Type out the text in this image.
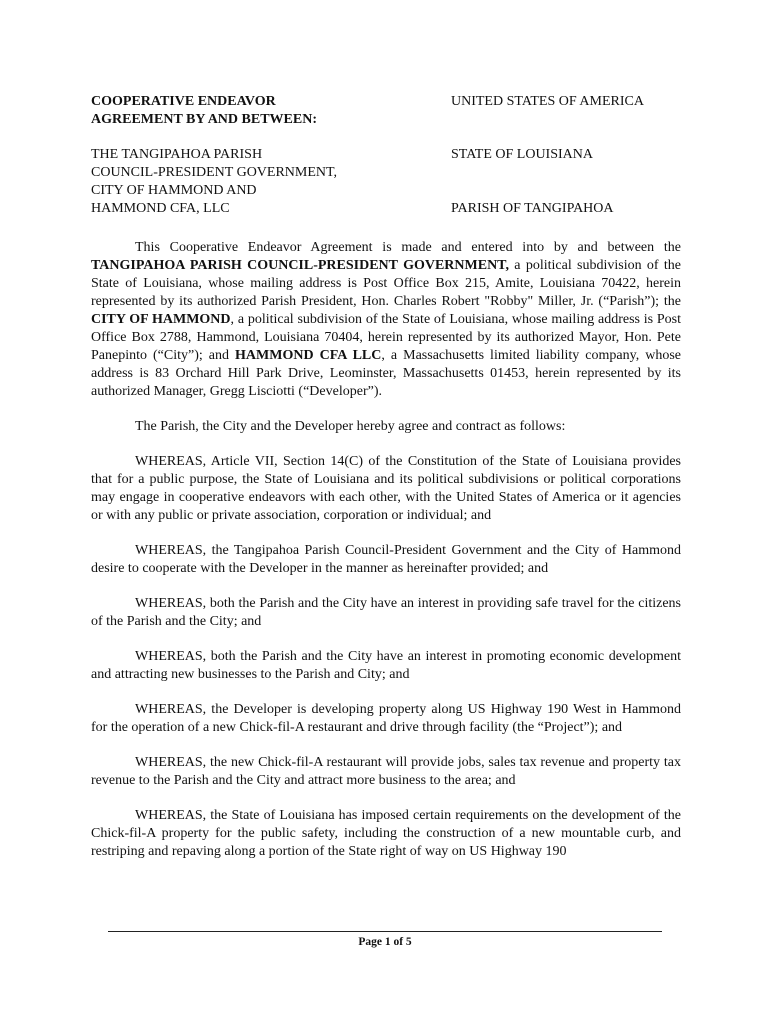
COOPERATIVE ENDEAVOR
AGREEMENT BY AND BETWEEN:
THE TANGIPAHOA PARISH
COUNCIL-PRESIDENT GOVERNMENT,
CITY OF HAMMOND AND
HAMMOND CFA, LLC
UNITED STATES OF AMERICA
STATE OF LOUISIANA
PARISH OF TANGIPAHOA

This Cooperative Endeavor Agreement is made and entered into by and between the TANGIPAHOA PARISH COUNCIL-PRESIDENT GOVERNMENT, a political subdivision of the State of Louisiana, whose mailing address is Post Office Box 215, Amite, Louisiana 70422, herein represented by its authorized Parish President, Hon. Charles Robert "Robby" Miller, Jr. (“Parish”); the CITY OF HAMMOND, a political subdivision of the State of Louisiana, whose mailing address is Post Office Box 2788, Hammond, Louisiana 70404, herein represented by its authorized Mayor, Hon. Pete Panepinto (“City”); and HAMMOND CFA LLC, a Massachusetts limited liability company, whose address is 83 Orchard Hill Park Drive, Leominster, Massachusetts 01453, herein represented by its authorized Manager, Gregg Lisciotti (“Developer”).

The Parish, the City and the Developer hereby agree and contract as follows:

WHEREAS, Article VII, Section 14(C) of the Constitution of the State of Louisiana provides that for a public purpose, the State of Louisiana and its political subdivisions or political corporations may engage in cooperative endeavors with each other, with the United States of America or it agencies or with any public or private association, corporation or individual; and

WHEREAS, the Tangipahoa Parish Council-President Government and the City of Hammond desire to cooperate with the Developer in the manner as hereinafter provided; and

WHEREAS, both the Parish and the City have an interest in providing safe travel for the citizens of the Parish and the City; and

WHEREAS, both the Parish and the City have an interest in promoting economic development and attracting new businesses to the Parish and City; and

WHEREAS, the Developer is developing property along US Highway 190 West in Hammond for the operation of a new Chick-fil-A restaurant and drive through facility (the “Project”); and

WHEREAS, the new Chick-fil-A restaurant will provide jobs, sales tax revenue and property tax revenue to the Parish and the City and attract more business to the area; and

WHEREAS, the State of Louisiana has imposed certain requirements on the development of the Chick-fil-A property for the public safety, including the construction of a new mountable curb, and restriping and repaving along a portion of the State right of way on US Highway 190

Page 1 of 5
